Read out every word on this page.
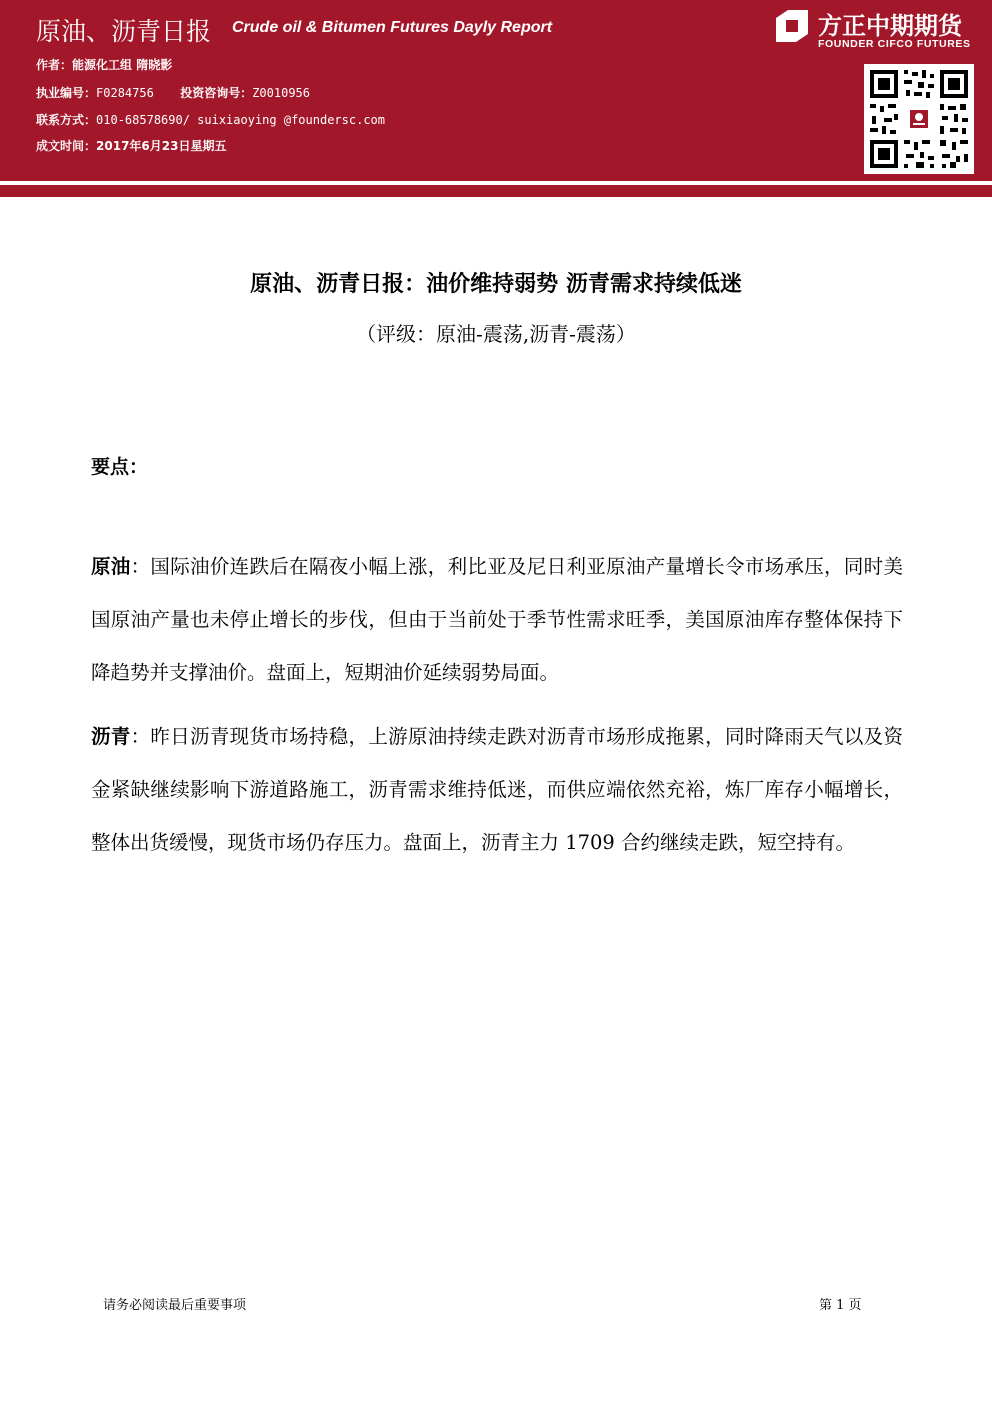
原油、沥青日报 Crude oil & Bitumen Futures Dayly Report
作者：能源化工组 隋晓影
执业编号：F0284756 投资咨询号：Z0010956
联系方式：010-68578690/ suixiaoying @foundersc.com
成文时间：2017年6月23日星期五
方正中期期货
FOUNDER CIFCO FUTURES
原油、沥青日报：油价维持弱势 沥青需求持续低迷
（评级：原油-震荡,沥青-震荡）
要点：
原油：国际油价连跌后在隔夜小幅上涨，利比亚及尼日利亚原油产量增长令市场承压，同时美国原油产量也未停止增长的步伐，但由于当前处于季节性需求旺季，美国原油库存整体保持下降趋势并支撑油价。盘面上，短期油价延续弱势局面。
沥青：昨日沥青现货市场持稳，上游原油持续走跌对沥青市场形成拖累，同时降雨天气以及资金紧缺继续影响下游道路施工，沥青需求维持低迷，而供应端依然充裕，炼厂库存小幅增长，整体出货缓慢，现货市场仍存压力。盘面上，沥青主力 1709 合约继续走跌，短空持有。
请务必阅读最后重要事项	第 1 页
